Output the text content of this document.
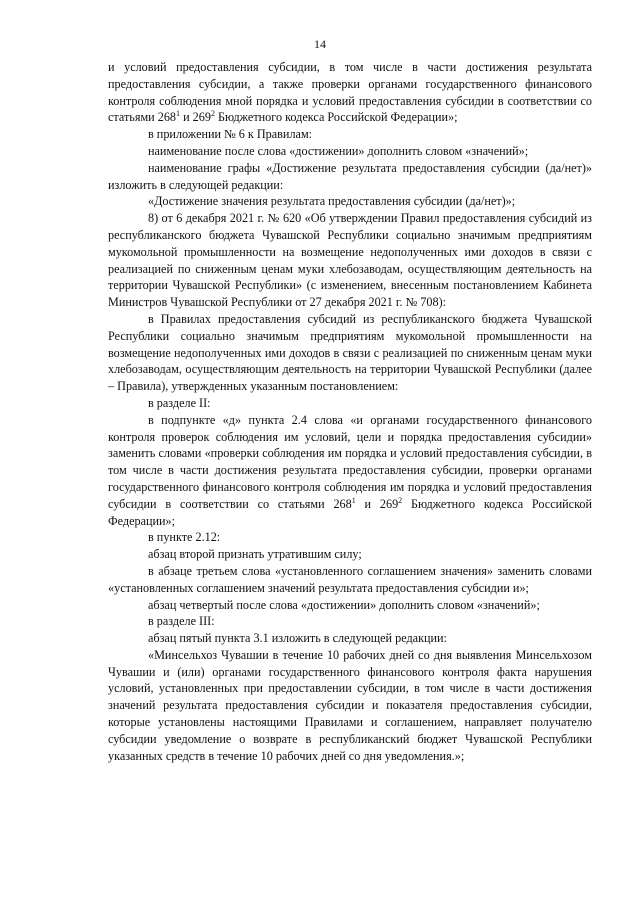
14

и условий предоставления субсидии, в том числе в части достижения результата предоставления субсидии, а также проверки органами государственного финансового контроля соблюдения мной порядка и условий предоставления субсидии в соответствии со статьями $268^1$ и $269^2$ Бюджетного кодекса Российской Федерации»;

в приложении № 6 к Правилам:

наименование после слова «достижении» дополнить словом «значений»;

наименование графы «Достижение результата предоставления субсидии (да/нет)» изложить в следующей редакции:

«Достижение значения результата предоставления субсидии (да/нет)»;

8) от 6 декабря 2021 г. № 620 «Об утверждении Правил предоставления субсидий из республиканского бюджета Чувашской Республики социально значимым предприятиям мукомольной промышленности на возмещение недополученных ими доходов в связи с реализацией по сниженным ценам муки хлебозаводам, осуществляющим деятельность на территории Чувашской Республики» (с изменением, внесенным постановлением Кабинета Министров Чувашской Республики от 27 декабря 2021 г. № 708):

в Правилах предоставления субсидий из республиканского бюджета Чувашской Республики социально значимым предприятиям мукомольной промышленности на возмещение недополученных ими доходов в связи с реализацией по сниженным ценам муки хлебозаводам, осуществляющим деятельность на территории Чувашской Республики (далее – Правила), утвержденных указанным постановлением:

в разделе II:

в подпункте «д» пункта 2.4 слова «и органами государственного финансового контроля проверок соблюдения им условий, цели и порядка предоставления субсидии» заменить словами «проверки соблюдения им порядка и условий предоставления субсидии, в том числе в части достижения результата предоставления субсидии, проверки органами государственного финансового контроля соблюдения им порядка и условий предоставления субсидии в соответствии со статьями $268^1$ и $269^2$ Бюджетного кодекса Российской Федерации»;

в пункте 2.12:

абзац второй признать утратившим силу;

в абзаце третьем слова «установленного соглашением значения» заменить словами «установленных соглашением значений результата предоставления субсидии и»;

абзац четвертый после слова «достижении» дополнить словом «значений»;

в разделе III:

абзац пятый пункта 3.1 изложить в следующей редакции:

«Минсельхоз Чувашии в течение 10 рабочих дней со дня выявления Минсельхозом Чувашии и (или) органами государственного финансового контроля факта нарушения условий, установленных при предоставлении субсидии, в том числе в части достижения значений результата предоставления субсидии и показателя предоставления субсидии, которые установлены настоящими Правилами и соглашением, направляет получателю субсидии уведомление о возврате в республиканский бюджет Чувашской Республики указанных средств в течение 10 рабочих дней со дня уведомления.»;
